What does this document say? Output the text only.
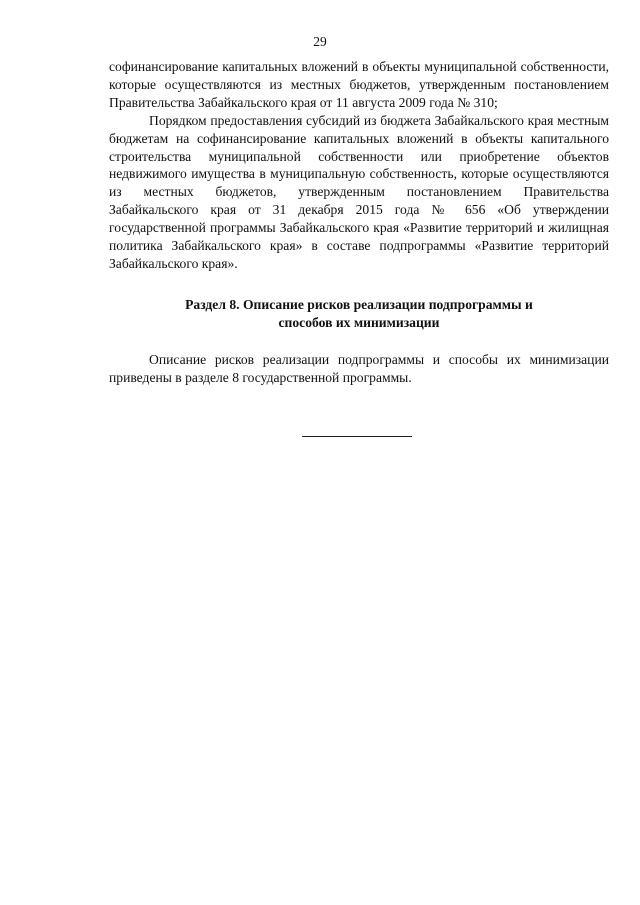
29

софинансирование капитальных вложений в объекты муниципальной собственности, которые осуществляются из местных бюджетов, утвержденным постановлением Правительства Забайкальского края от 11 августа 2009 года № 310;

Порядком предоставления субсидий из бюджета Забайкальского края местным бюджетам на софинансирование капитальных вложений в объекты капитального строительства муниципальной собственности или приобретение объектов недвижимого имущества в муниципальную собственность, которые осуществляются из местных бюджетов, утвержденным постановлением Правительства Забайкальского края от 31 декабря 2015 года № 656 «Об утверждении государственной программы Забайкальского края «Развитие территорий и жилищная политика Забайкальского края» в составе подпрограммы «Развитие территорий Забайкальского края».

Раздел 8. Описание рисков реализации подпрограммы и
способов их минимизации

Описание рисков реализации подпрограммы и способы их минимизации приведены в разделе 8 государственной программы.
